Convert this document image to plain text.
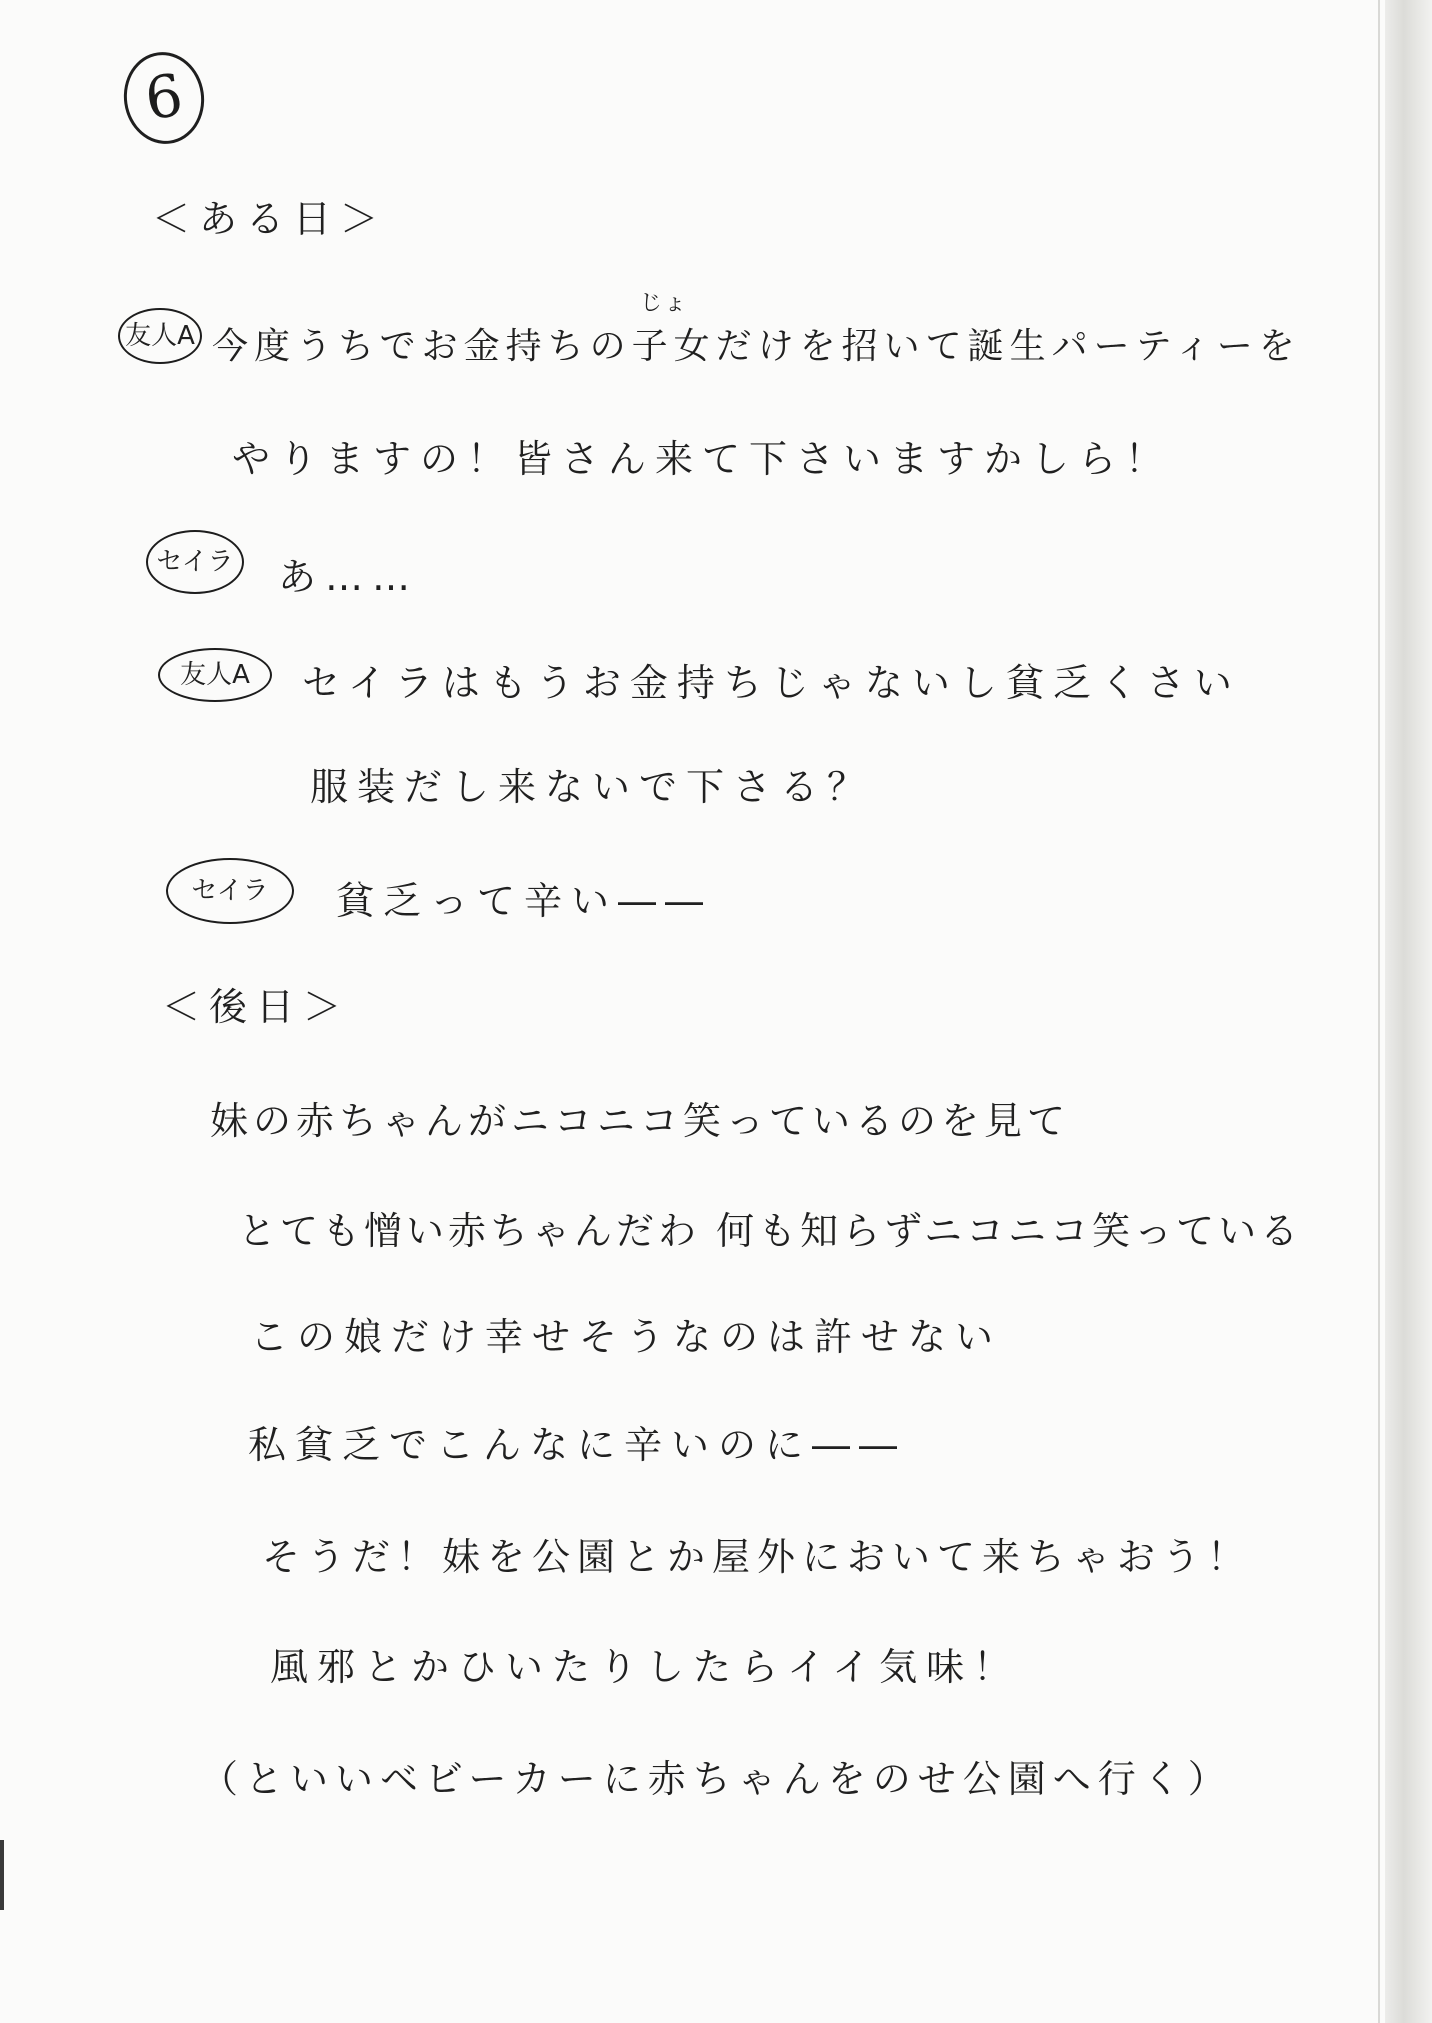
6
＜ある日＞
友人A
じょ
今度うちでお金持ちの子女だけを招いて誕生パーティーを
やりますの！皆さん来て下さいますかしら！
セイラ あ……
友人A	セイラはもうお金持ちじゃないし貧乏くさい
服装だし来ないで下さる？
セイラ	貧乏って辛い――
＜後日＞
妹の赤ちゃんがニコニコ笑っているのを見て
とても憎い赤ちゃんだわ 何も知らずニコニコ笑っている
この娘だけ幸せそうなのは許せない
私貧乏でこんなに辛いのに――
そうだ！妹を公園とか屋外において来ちゃおう！
風邪とかひいたりしたらイイ気味！
（といいベビーカーに赤ちゃんをのせ公園へ行く）
